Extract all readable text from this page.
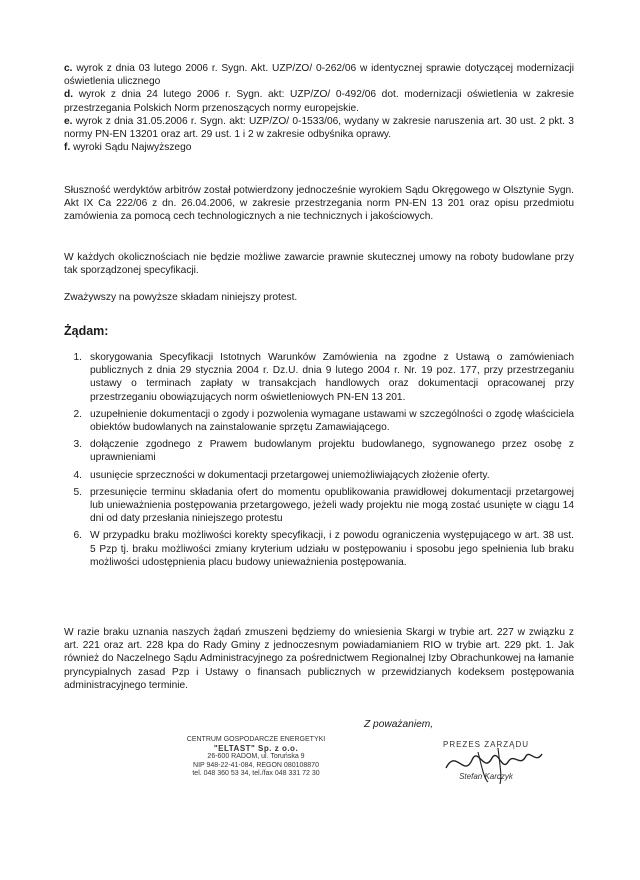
c. wyrok z dnia 03 lutego 2006 r. Sygn. Akt. UZP/ZO/ 0-262/06 w identycznej sprawie dotyczącej modernizacji oświetlenia ulicznego

d. wyrok z dnia 24 lutego 2006 r. Sygn. akt: UZP/ZO/ 0-492/06 dot. modernizacji oświetlenia w zakresie przestrzegania Polskich Norm przenoszących normy europejskie.

e. wyrok z dnia 31.05.2006 r. Sygn. akt: UZP/ZO/ 0-1533/06, wydany w zakresie naruszenia art. 30 ust. 2 pkt. 3 normy PN-EN 13201 oraz art. 29 ust. 1 i 2 w zakresie odbyśnika oprawy.

f. wyroki Sądu Najwyższego

Słuszność werdyktów arbitrów został potwierdzony jednocześnie wyrokiem Sądu Okręgowego w Olsztynie Sygn. Akt IX Ca 222/06 z dn. 26.04.2006, w zakresie przestrzegania norm PN-EN 13 201 oraz opisu przedmiotu zamówienia za pomocą cech technologicznych a nie technicznych i jakościowych.

W każdych okolicznościach nie będzie możliwe zawarcie prawnie skutecznej umowy na roboty budowlane przy tak sporządzonej specyfikacji.

Zważywszy na powyższe składam niniejszy protest.

Żądam:
1. skorygowania Specyfikacji Istotnych Warunków Zamówienia na zgodne z Ustawą o zamówieniach publicznych z dnia 29 stycznia 2004 r. Dz.U. dnia 9 lutego 2004 r. Nr. 19 poz. 177, przy przestrzeganiu ustawy o terminach zapłaty w transakcjach handlowych oraz dokumentacji opracowanej przy przestrzeganiu obowiązujących norm oświetleniowych PN-EN 13 201.
2. uzupełnienie dokumentacji o zgody i pozwolenia wymagane ustawami w szczególności o zgodę właściciela obiektów budowlanych na zainstalowanie sprzętu Zamawiającego.
3. dołączenie zgodnego z Prawem budowlanym projektu budowlanego, sygnowanego przez osobę z uprawnieniami
4. usunięcie sprzeczności w dokumentacji przetargowej uniemożliwiających złożenie oferty.
5. przesunięcie terminu składania ofert do momentu opublikowania prawidłowej dokumentacji przetargowej lub unieważnienia postępowania przetargowego, jeżeli wady projektu nie mogą zostać usunięte w ciągu 14 dni od daty przesłania niniejszego protestu
6. W przypadku braku możliwości korekty specyfikacji, i z powodu ograniczenia występującego w art. 38 ust. 5 Pzp tj. braku możliwości zmiany kryterium udziału w postępowaniu i sposobu jego spełnienia lub braku możliwości udostępnienia placu budowy unieważnienia postępowania.

W razie braku uznania naszych żądań zmuszeni będziemy do wniesienia Skargi w trybie art. 227 w związku z art. 221 oraz art. 228 kpa do Rady Gminy z jednoczesnym powiadamianiem RIO w trybie art. 229 pkt. 1. Jak również do Naczelnego Sądu Administracyjnego za pośrednictwem Regionalnej Izby Obrachunkowej na łamanie pryncypialnych zasad Pzp i Ustawy o finansach publicznych w przewidzianych kodeksem postępowania administracyjnego terminie.

Z poważaniem,
CENTRUM GOSPODARCZE ENERGETYKI
"ELTAST" Sp. z o.o.
26-600 RADOM, ul. Toruńska 9
NIP 948-22-41-084, REGON 080108870
tel. 048 360 53 34, tel./fax 048 331 72 30
PREZES ZARZĄDU
Stefan Karczyk
